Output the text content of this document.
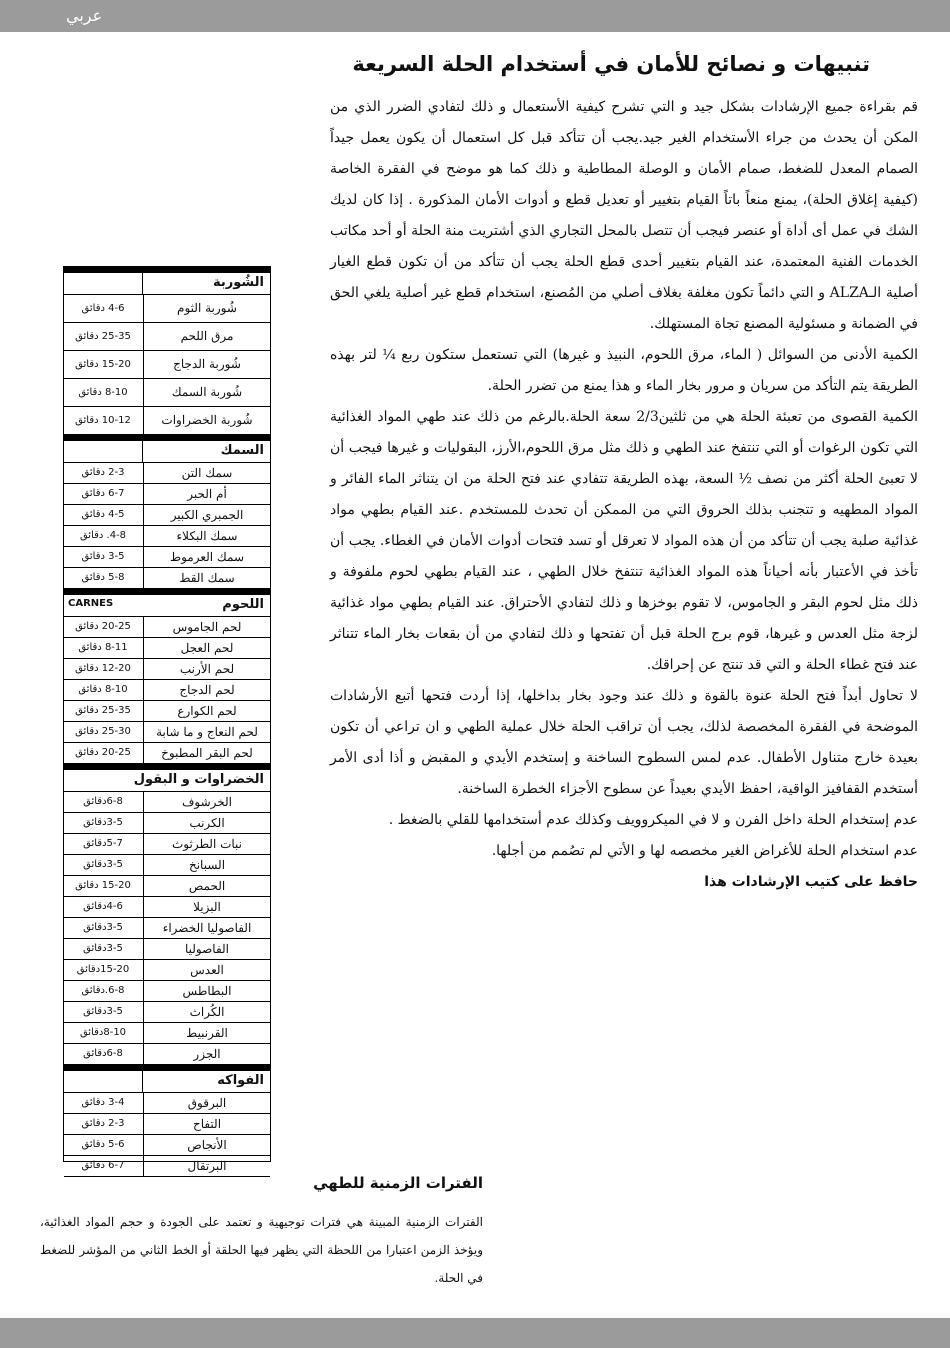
عربي
تنبيهات و نصائح للأمان في أستخدام الحلة السريعة

قم بقراءة جميع الإرشادات بشكل جيد و التي تشرح كيفية الأستعمال و ذلك لتفادي الضرر الذي من المكن أن يحدث من جراء الأستخدام الغير جيد.يجب أن تتأكد قبل كل استعمال أن يكون يعمل جيداً الصمام المعدل للضغط، صمام الأمان و الوصلة المطاطية و ذلك كما هو موضح في الفقرة الخاصة (كيفية إغلاق الحلة)، يمنع منعاً باتاً القيام بتغيير أو تعديل قطع و أدوات الأمان المذكورة . إذا كان لديك الشك في عمل أى أداة أو عنصر فيجب أن تتصل بالمحل التجاري الذي أشتريت منة الحلة أو أحد مكاتب الخدمات الفنية المعتمدة، عند القيام بتغيير أحدى قطع الحلة يجب أن تتأكد من أن تكون قطع الغيار أصلية الـALZA و التي دائماً تكون مغلفة بغلاف أصلي من المُصنع، استخدام قطع غير أصلية يلغي الحق في الضمانة و مسئولية المصنع تجاة المستهلك.

الكمية الأدنى من السوائل ( الماء، مرق اللحوم، النبيذ و غيرها) التي تستعمل ستكون ربع ¼ لتر بهذه الطريقة يتم التأكد من سريان و مرور بخار الماء و هذا يمنع من تضرر الحلة.

الكمية القصوى من تعبئة الحلة هي من ثلثين2/3 سعة الحلة.بالرغم من ذلك عند طهي المواد الغذائية التي تكون الرغوات أو التي تنتفخ عند الطهي و ذلك مثل مرق اللحوم،الأرز، البقوليات و غيرها فيجب أن لا تعبئ الحلة أكثر من نصف ½ السعة، بهذه الطريقة تتفادي عند فتح الحلة من ان يتناثر الماء الفائر و المواد المطهيه و تتجنب بذلك الحروق التي من الممكن أن تحدث للمستخدم .عند القيام بطهي مواد غذائية صلبة يجب أن تتأكد من أن هذه المواد لا تعرقل أو تسد فتحات أدوات الأمان في الغطاء. يجب أن تأخذ في الأعتبار بأنه أحياناً هذه المواد الغذائية تنتفخ خلال الطهي ، عند القيام بطهي لحوم ملفوفة و ذلك مثل لحوم البقر و الجاموس، لا تقوم بوخزها و ذلك لتفادي الأحتراق. عند القيام بطهي مواد غذائية لزجة مثل العدس و غيرها، قوم برج الحلة قبل أن تفتحها و ذلك لتفادي من أن بقعات بخار الماء تتناثر عند فتح غطاء الحلة و التي قد تنتج عن إحراقك.

لا تحاول أبداً فتح الحلة عنوة بالقوة و ذلك عند وجود بخار بداخلها، إذا أردت فتحها أتبع الأرشادات الموضحة في الفقرة المخصصة لذلك، يجب أن تراقب الحلة خلال عملية الطهي و ان تراعي أن تكون بعيدة خارج متناول الأطفال. عدم لمس السطوح الساخنة و إستخدم الأيدي و المقبض و أذا أدى الأمر أستخدم القفافيز الواقية، احفظ الأيدي بعيداً عن سطوح الأجزاء الخطرة الساخنة.

عدم إستخدام الحلة داخل الفرن و لا في الميكروويف وكذلك عدم أستخدامها للقلي بالضغط .

عدم استخدام الحلة للأغراض الغير مخصصه لها و الأتي لم تصُمم من أجلها.

حافظ على كتيب الإرشادات هذا

الشُوربة
4-6 دقائق	شُوربة الثوم
25-35 دقائق	مرق اللحم
15-20 دقائق	شُوربة الدجاج
8-10 دقائق	شُوربة السمك
10-12 دقائق	شُوربة الخضراوات
السمك
2-3 دقائق	سمك التن
6-7 دقائق	أم الحبر
4-5 دقائق	الجمبري الكبير
4-8. دقائق	سمك البكلاء
3-5 دقائق	سمك العرموط
5-8 دقائق	سمك القط
CARNES	اللحوم
20-25 دقائق	لحم الجاموس
8-11 دقائق	لحم العجل
12-20 دقائق	لحم الأرنب
8-10 دقائق	لحم الدجاج
25-35 دقائق	لحم الكوارع
25-30 دقائق	لحم النعاج و ما شابة
20-25 دقائق	لحم البقر المطبوخ
الخضراوات و البقول
6-8دقائق	الخرشوف
3-5دقائق	الكرنب
5-7دقائق	نبات الطرثوث
3-5دقائق	السبانخ
15-20 دقائق	الحمص
4-6دقائق	البزيلا
3-5دقائق	الفاصوليا الخضراء
3-5دقائق	الفاصوليا
15-20دقائق	العدس
6-8.دقائق	البطاطس
3-5دقائق	الكُراث
8-10دقائق	القرنبيط
6-8دقائق	الجزر
الفواكه
3-4 دقائق	البرقوق
2-3 دقائق	التفاح
5-6 دقائق	الأنجاص
6-7 دقائق	البرتقال
الفترات الزمنية للطهي

الفترات الزمنية المبينة هي فترات توجيهية و تعتمد على الجودة و حجم المواد الغذائية، ويؤخذ الزمن اعتبارا من اللحظة التي يظهر فيها الحلقة أو الخط الثاني من المؤشر للضغط في الحلة.
